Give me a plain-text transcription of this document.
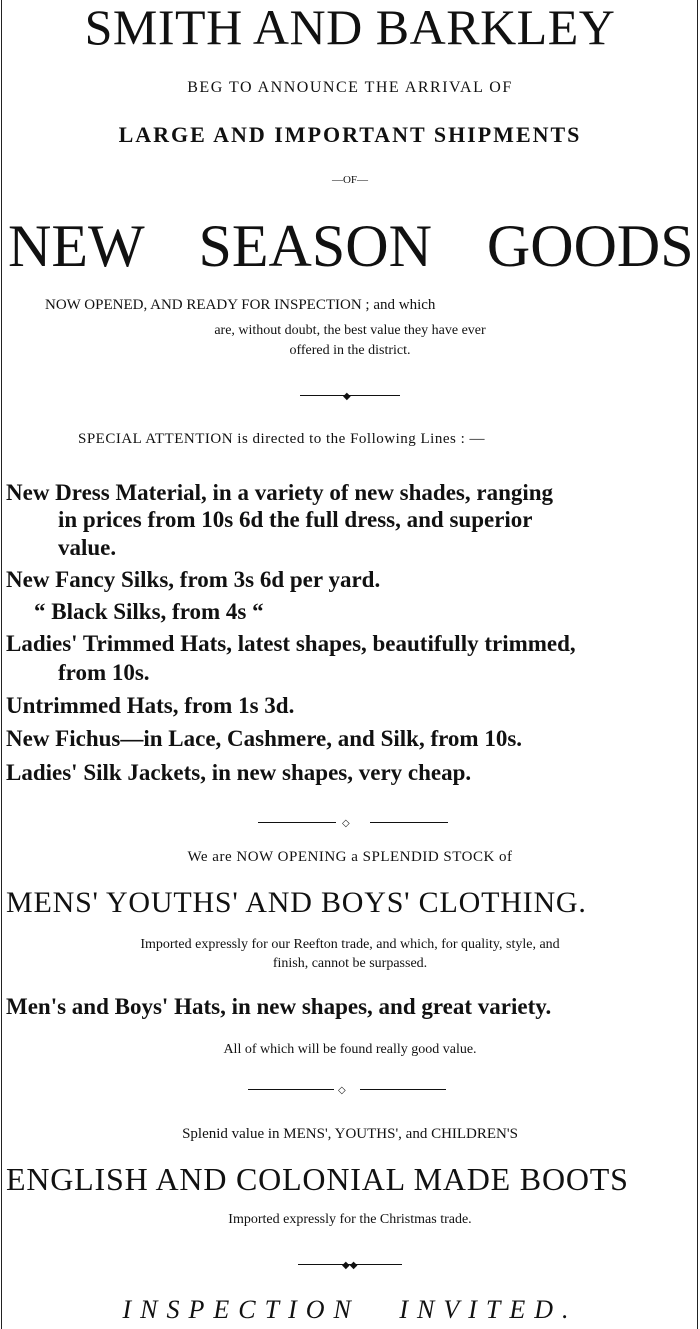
SMITH AND BARKLEY
BEG TO ANNOUNCE THE ARRIVAL OF
LARGE AND IMPORTANT SHIPMENTS
—OF—
NEW SEASON GOODS
NOW OPENED, AND READY FOR INSPECTION ; and which
are, without doubt, the best value they have ever
offered in the district.
◆
SPECIAL ATTENTION is directed to the Following Lines : —
New Dress Material, in a variety of new shades, ranging
in prices from 10s 6d the full dress, and superior
value.
New Fancy Silks, from 3s 6d per yard.
“ Black Silks, from 4s “
Ladies' Trimmed Hats, latest shapes, beautifully trimmed,
from 10s.
Untrimmed Hats, from 1s 3d.
New Fichus—in Lace, Cashmere, and Silk, from 10s.
Ladies' Silk Jackets, in new shapes, very cheap.
◇
We are NOW OPENING a SPLENDID STOCK of
MENS' YOUTHS' AND BOYS' CLOTHING.
Imported expressly for our Reefton trade, and which, for quality, style, and
finish, cannot be surpassed.
Men's and Boys' Hats, in new shapes, and great variety.
All of which will be found really good value.
◇
Splenid value in MENS', YOUTHS', and CHILDREN'S
ENGLISH AND COLONIAL MADE BOOTS
Imported expressly for the Christmas trade.
◆◆
INSPECTION INVITED.
